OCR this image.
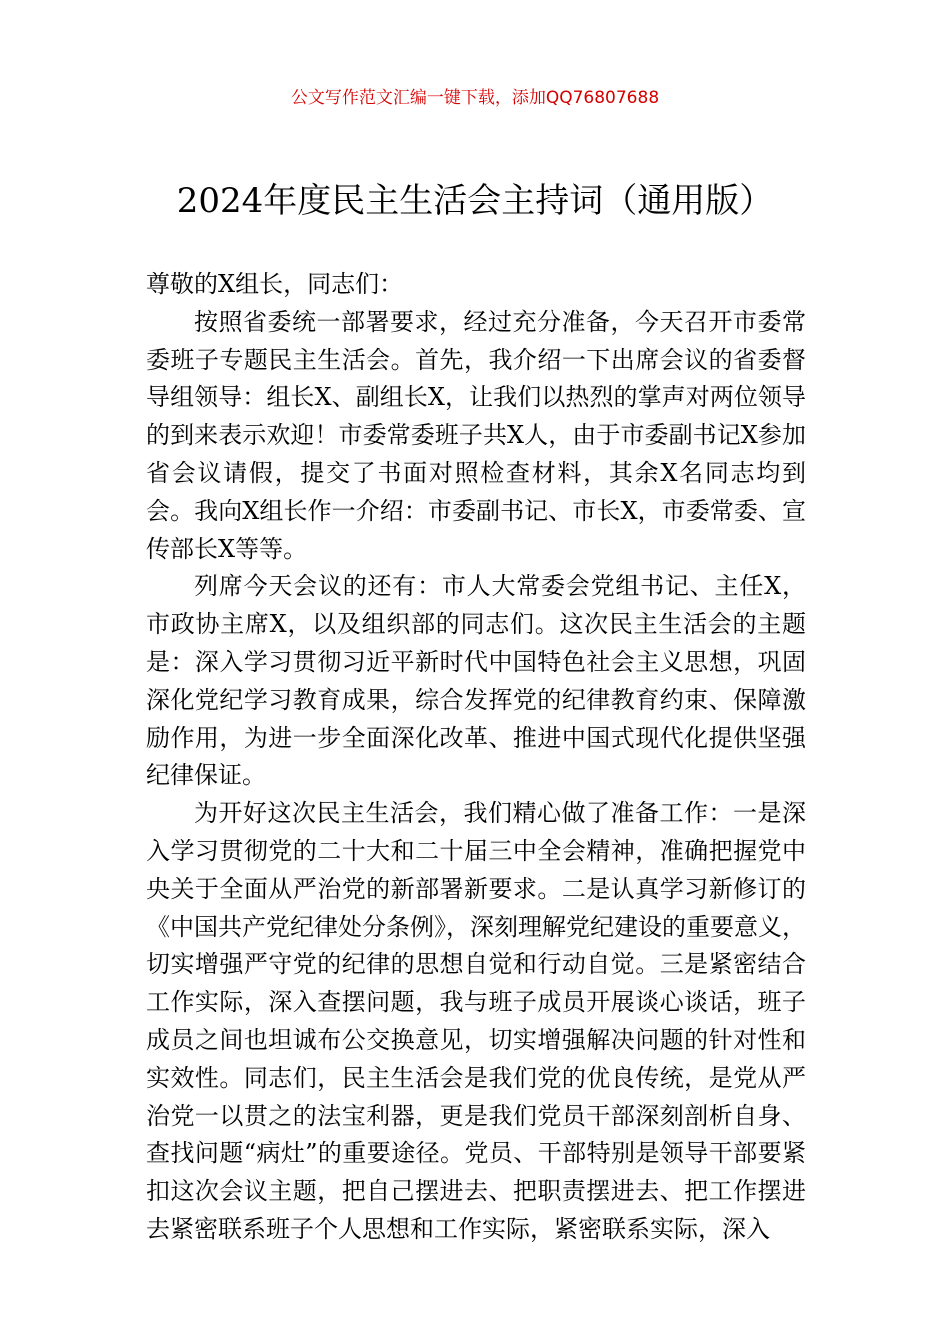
公文写作范文汇编一键下载，添加QQ76807688

2024年度民主生活会主持词（通用版）

尊敬的X组长，同志们：

按照省委统一部署要求，经过充分准备，今天召开市委常委班子专题民主生活会。首先，我介绍一下出席会议的省委督导组领导：组长X、副组长X，让我们以热烈的掌声对两位领导的到来表示欢迎！市委常委班子共X人，由于市委副书记X参加省会议请假，提交了书面对照检查材料，其余X名同志均到会。我向X组长作一介绍：市委副书记、市长X，市委常委、宣传部长X等等。

列席今天会议的还有：市人大常委会党组书记、主任X，市政协主席X，以及组织部的同志们。这次民主生活会的主题是：深入学习贯彻习近平新时代中国特色社会主义思想，巩固深化党纪学习教育成果，综合发挥党的纪律教育约束、保障激励作用，为进一步全面深化改革、推进中国式现代化提供坚强纪律保证。

为开好这次民主生活会，我们精心做了准备工作：一是深入学习贯彻党的二十大和二十届三中全会精神，准确把握党中央关于全面从严治党的新部署新要求。二是认真学习新修订的《中国共产党纪律处分条例》，深刻理解党纪建设的重要意义，切实增强严守党的纪律的思想自觉和行动自觉。三是紧密结合工作实际，深入查摆问题，我与班子成员开展谈心谈话，班子成员之间也坦诚布公交换意见，切实增强解决问题的针对性和实效性。同志们，民主生活会是我们党的优良传统，是党从严治党一以贯之的法宝利器，更是我们党员干部深刻剖析自身、查找问题“病灶”的重要途径。党员、干部特别是领导干部要紧扣这次会议主题，把自己摆进去、把职责摆进去、把工作摆进去紧密联系班子个人思想和工作实际，紧密联系实际，深入
